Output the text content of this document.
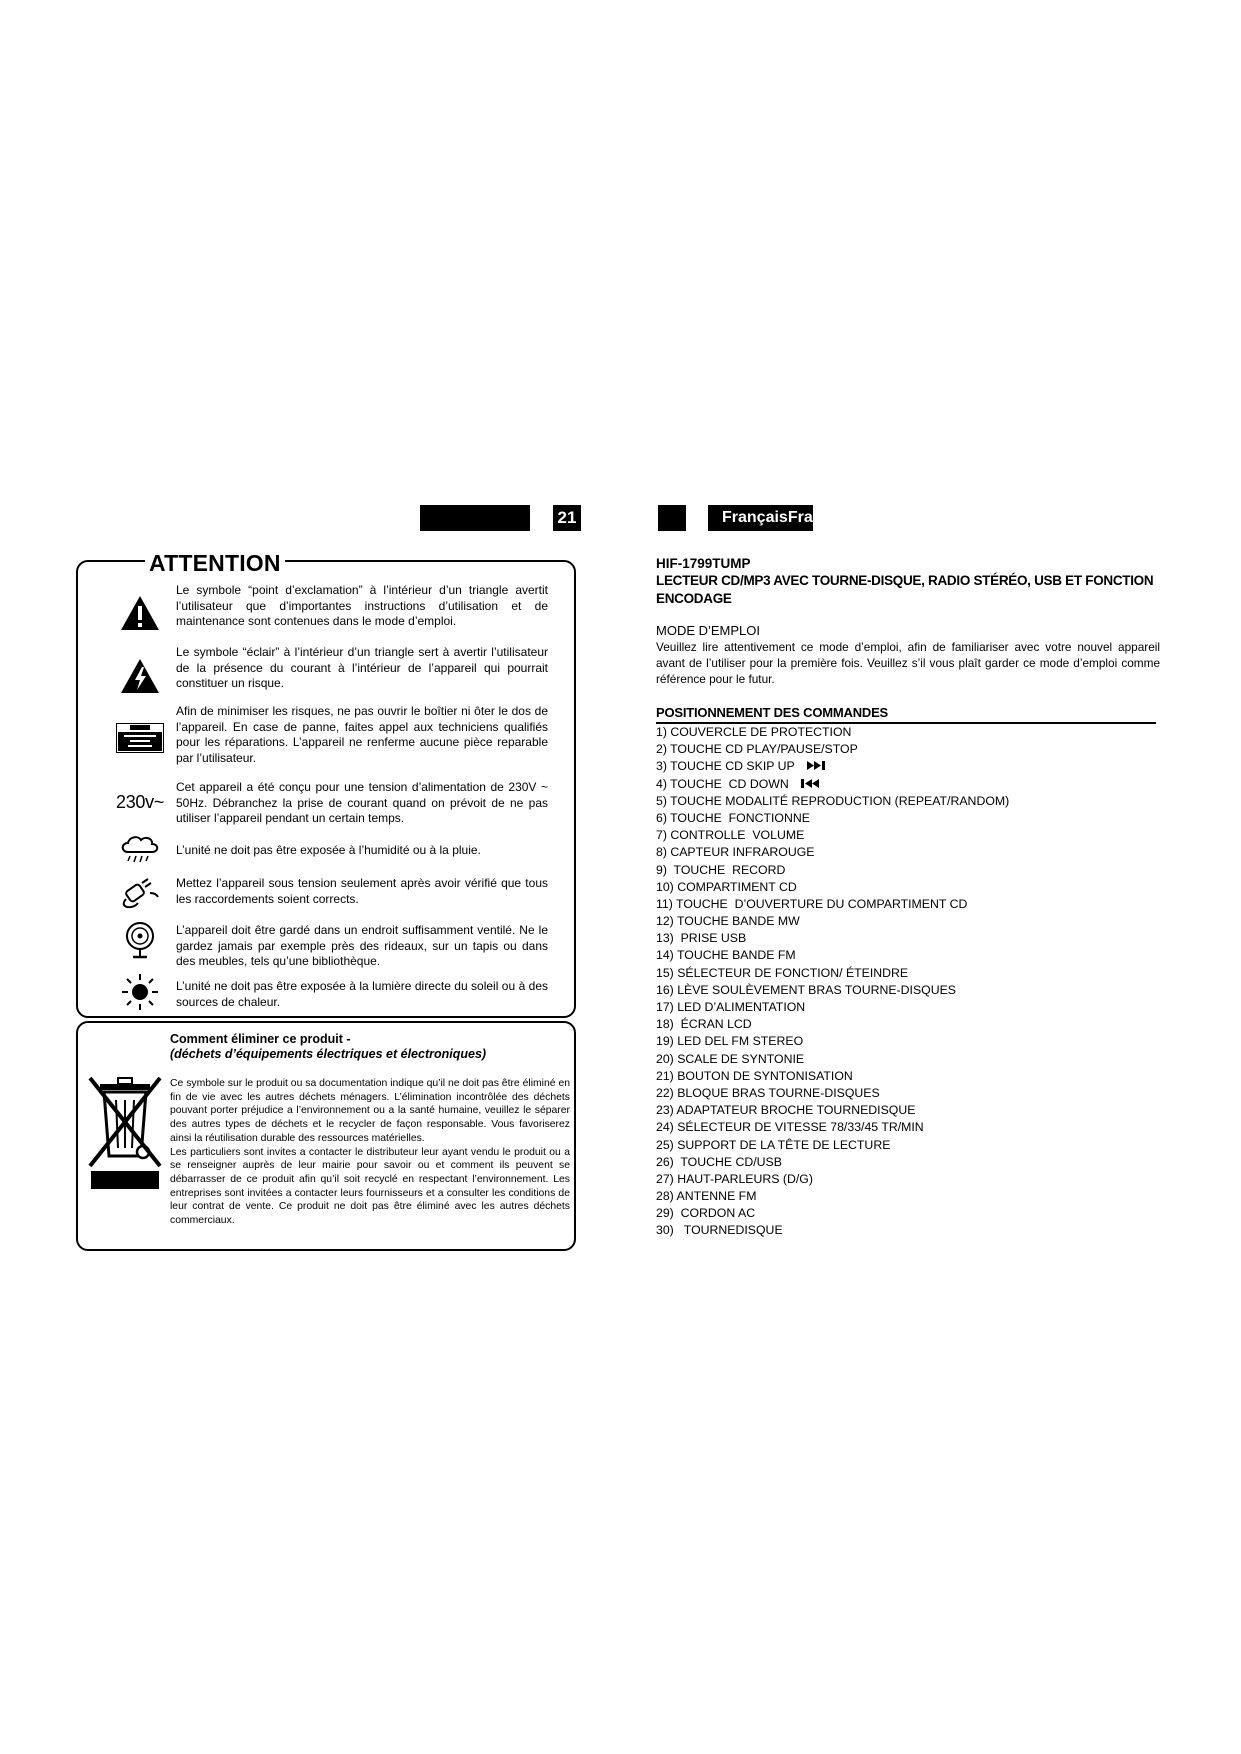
21	FrançaisFra
ATTENTION
Le symbole “point d’exclamation” à l’intérieur d’un triangle avertit l’utilisateur que d’importantes instructions d’utilisation et de maintenance sont contenues dans le mode d’emploi.
Le symbole “éclair” à l’intérieur d’un triangle sert à avertir l’utilisateur de la présence du courant à l’intérieur de l’appareil qui pourrait constituer un risque.
Afin de minimiser les risques, ne pas ouvrir le boîtier ni ôter le dos de l’appareil. En case de panne, faites appel aux techniciens qualifiés pour les réparations. L’appareil ne renferme aucune pièce reparable par l’utilisateur.
230v~
Cet appareil a été conçu pour une tension d’alimentation de 230V ~ 50Hz. Débranchez la prise de courant quand on prévoit de ne pas utiliser l’appareil pendant un certain temps.
L’unité ne doit pas être exposée à l’humidité ou à la pluie.
Mettez l’appareil sous tension seulement après avoir vérifié que tous les raccordements soient corrects.
L’appareil doit être gardé dans un endroit suffisamment ventilé. Ne le gardez jamais par exemple près des rideaux, sur un tapis ou dans des meubles, tels qu’une bibliothèque.
L’unité ne doit pas être exposée à la lumière directe du soleil ou à des sources de chaleur.
Comment éliminer ce produit -
(déchets d’équipements électriques et électroniques)
Ce symbole sur le produit ou sa documentation indique qu’il ne doit pas être éliminé en fin de vie avec les autres déchets ménagers. L’élimination incontrôlée des déchets pouvant porter préjudice a l’environnement ou a la santé humaine, veuillez le séparer des autres types de déchets et le recycler de façon responsable. Vous favoriserez ainsi la réutilisation durable des ressources matérielles.
Les particuliers sont invites a contacter le distributeur leur ayant vendu le produit ou a se renseigner auprès de leur mairie pour savoir ou et comment ils peuvent se débarrasser de ce produit afin qu’il soit recyclé en respectant l’environnement. Les entreprises sont invitées a contacter leurs fournisseurs et a consulter les conditions de leur contrat de vente. Ce produit ne doit pas être éliminé avec les autres déchets commerciaux.
HIF-1799TUMP
LECTEUR CD/MP3 AVEC TOURNE-DISQUE, RADIO STÉRÉO, USB ET FONCTION ENCODAGE
MODE D’EMPLOI
Veuillez lire attentivement ce mode d’emploi, afin de familiariser avec votre nouvel appareil avant de l’utiliser pour la première fois. Veuillez s’il vous plaît garder ce mode d’emploi comme référence pour le futur.
POSITIONNEMENT DES COMMANDES
1) COUVERCLE DE PROTECTION
2) TOUCHE CD PLAY/PAUSE/STOP
3) TOUCHE CD SKIP UP
4) TOUCHE  CD DOWN
5) TOUCHE MODALITÉ REPRODUCTION (REPEAT/RANDOM)
6) TOUCHE  FONCTIONNE
7) CONTROLLE  VOLUME
8) CAPTEUR INFRAROUGE
9)  TOUCHE  RECORD
10) COMPARTIMENT CD
11) TOUCHE  D’OUVERTURE DU COMPARTIMENT CD
12) TOUCHE BANDE MW
13)  PRISE USB
14) TOUCHE BANDE FM
15) SÉLECTEUR DE FONCTION/ ÉTEINDRE
16) LÈVE SOULÈVEMENT BRAS TOURNE-DISQUES
17) LED D’ALIMENTATION
18)  ÉCRAN LCD
19) LED DEL FM STEREO
20) SCALE DE SYNTONIE
21) BOUTON DE SYNTONISATION
22) BLOQUE BRAS TOURNE-DISQUES
23) ADAPTATEUR BROCHE TOURNEDISQUE
24) SÉLECTEUR DE VITESSE 78/33/45 TR/MIN
25) SUPPORT DE LA TÊTE DE LECTURE
26)  TOUCHE CD/USB
27) HAUT-PARLEURS (D/G)
28) ANTENNE FM
29)  CORDON AC
30)   TOURNEDISQUE
